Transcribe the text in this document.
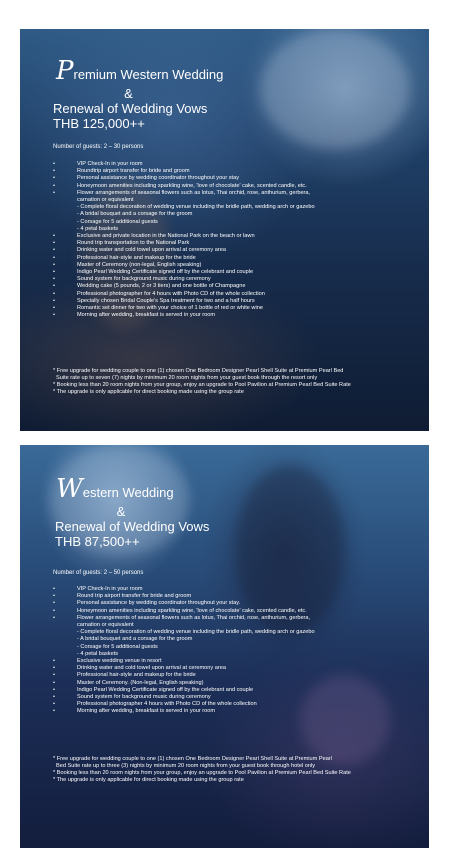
Premium Western Wedding
&
Renewal of Wedding Vows
THB 125,000++
Number of guests: 2 – 30 persons
• VIP Check-In in your room
• Roundtrip airport transfer for bride and groom
• Personal assistance by wedding coordinator throughout your stay
• Honeymoon amenities including sparkling wine, 'love of chocolate' cake, scented candle, etc.
• Flower arrangements of seasonal flowers such as lotus, Thai orchid, rose, anthurium, gerbera,
carnation or equivalent
- Complete floral decoration of wedding venue including the bridle path, wedding arch or gazebo
- A bridal bouquet and a corsage for the groom
- Corsage for 5 additional guests
- 4 petal baskets
• Exclusive and private location in the National Park on the beach or lawn
• Round trip transportation to the National Park
• Drinking water and cold towel upon arrival at ceremony area
• Professional hair-style and makeup for the bride
• Master of Ceremony (non-legal, English speaking)
• Indigo Pearl Wedding Certificate signed off by the celebrant and couple
• Sound system for background music during ceremony
• Wedding cake (5 pounds, 2 or 3 tiers) and one bottle of Champagne
• Professional photographer for 4 hours with Photo CD of the whole collection
• Specially chosen Bridal Couple's Spa treatment for two and a half hours
• Romantic set dinner for two with your choice of 1 bottle of red or white wine
• Morning after wedding, breakfast is served in your room
* Free upgrade for wedding couple to one (1) chosen One Bedroom Designer Pearl Shell Suite at Premium Pearl Bed
Suite rate up to seven (7) nights by minimum 20 room nights from your guest book through the resort only
* Booking less than 20 room nights from your group, enjoy an upgrade to Pool Pavilion at Premium Pearl Bed Suite Rate
* The upgrade is only applicable for direct booking made using the group rate
Western Wedding
&
Renewal of Wedding Vows
THB 87,500++
Number of guests: 2 – 50 persons
• VIP Check-In in your room
• Round trip airport transfer for bride and groom
• Personal assistance by wedding coordinator throughout your stay.
• Honeymoon amenities including sparkling wine, 'love of chocolate' cake, scented candle, etc.
• Flower arrangements of seasonal flowers such as lotus, Thai orchid, rose, anthurium, gerbera,
carnation or equivalent
- Complete floral decoration of wedding venue including the bridle path, wedding arch or gazebo
- A bridal bouquet and a corsage for the groom
- Corsage for 5 additional guests
- 4 petal baskets
• Exclusive wedding venue in resort
• Drinking water and cold towel upon arrival at ceremony area
• Professional hair-style and makeup for the bride
• Master of Ceremony. (Non-legal, English speaking)
• Indigo Pearl Wedding Certificate signed off by the celebrant and couple
• Sound system for background music during ceremony
• Professional photographer 4 hours with Photo CD of the whole collection
• Morning after wedding, breakfast is served in your room
* Free upgrade for wedding couple to one (1) chosen One Bedroom Designer Pearl Shell Suite at Premium Pearl
Bed Suite rate up to three (3) nights by minimum 20 room nights from your guest book through hotel only
* Booking less than 20 room nights from your group, enjoy an upgrade to Pool Pavilion at Premium Pearl Bed Suite Rate
* The upgrade is only applicable for direct booking made using the group rate
